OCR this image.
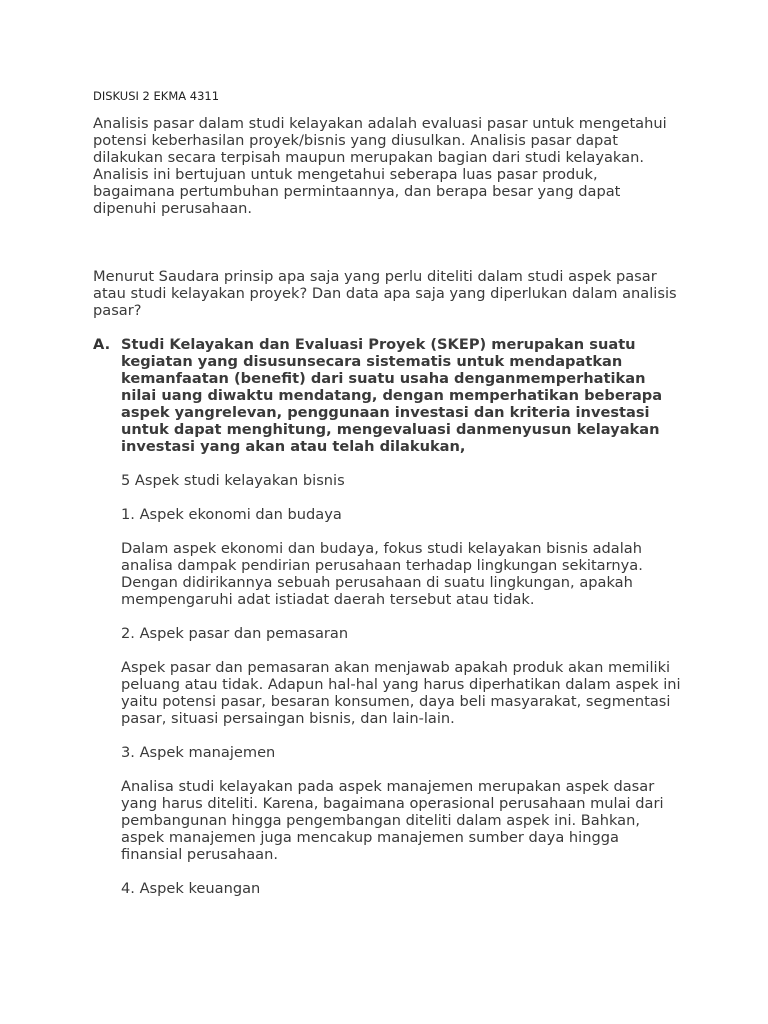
DISKUSI 2 EKMA 4311

Analisis pasar dalam studi kelayakan adalah evaluasi pasar untuk mengetahui potensi keberhasilan proyek/bisnis yang diusulkan. Analisis pasar dapat dilakukan secara terpisah maupun merupakan bagian dari studi kelayakan. Analisis ini bertujuan untuk mengetahui seberapa luas pasar produk, bagaimana pertumbuhan permintaannya, dan berapa besar yang dapat dipenuhi perusahaan.

Menurut Saudara prinsip apa saja yang perlu diteliti dalam studi aspek pasar atau studi kelayakan proyek? Dan data apa saja yang diperlukan dalam analisis pasar?

A. Studi Kelayakan dan Evaluasi Proyek (SKEP) merupakan suatu kegiatan yang disusunsecara sistematis untuk mendapatkan kemanfaatan (benefit) dari suatu usaha denganmemperhatikan nilai uang diwaktu mendatang, dengan memperhatikan beberapa aspek yangrelevan, penggunaan investasi dan kriteria investasi untuk dapat menghitung, mengevaluasi danmenyusun kelayakan investasi yang akan atau telah dilakukan,

5 Aspek studi kelayakan bisnis

1. Aspek ekonomi dan budaya

Dalam aspek ekonomi dan budaya, fokus studi kelayakan bisnis adalah analisa dampak pendirian perusahaan terhadap lingkungan sekitarnya. Dengan didirikannya sebuah perusahaan di suatu lingkungan, apakah mempengaruhi adat istiadat daerah tersebut atau tidak.

2. Aspek pasar dan pemasaran

Aspek pasar dan pemasaran akan menjawab apakah produk akan memiliki peluang atau tidak. Adapun hal-hal yang harus diperhatikan dalam aspek ini yaitu potensi pasar, besaran konsumen, daya beli masyarakat, segmentasi pasar, situasi persaingan bisnis, dan lain-lain.

3. Aspek manajemen

Analisa studi kelayakan pada aspek manajemen merupakan aspek dasar yang harus diteliti. Karena, bagaimana operasional perusahaan mulai dari pembangunan hingga pengembangan diteliti dalam aspek ini. Bahkan, aspek manajemen juga mencakup manajemen sumber daya hingga finansial perusahaan.

4. Aspek keuangan
